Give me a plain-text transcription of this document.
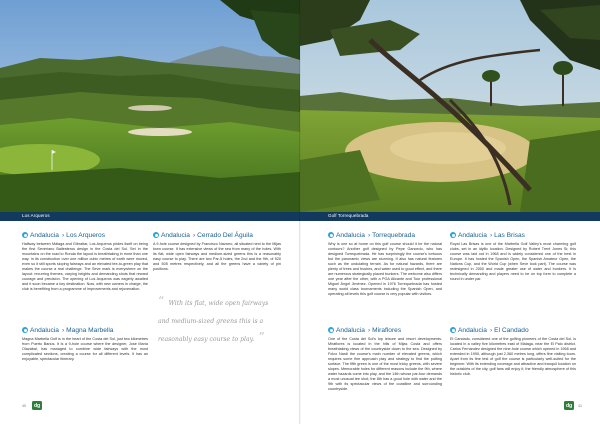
Los Arqueros
Andalucia › Los Arqueros

Halfway between Málaga and Gibraltar, Los Arqueros prides itself on being the first Severiano Ballesteros design in the Costa del Sol. Set in the mountains on the road to Ronda the layout is breathtaking in more than one way. In its construction over one million cubic metres of earth were moved, even so it still sports sloping fairways and an elevated tee-to-green play that makes the course a real challenge. The Seve mark is everywhere on the layout: recurring themes, varying heights and demanding shots that reward courage and precision. The opening of Los Arqueros was eagerly awaited and it soon became a key destination. Now, with new owners in charge, the club is benefiting from a programme of improvements and rejuvenation.

Andalucia › Magna Marbella

Magna Marbella Golf is in the heart of the Costa del Sol, just two kilometres from Puerto Banús. It is a 9-hole course where the designer, José María Olazábal, has managed to combine wide fairways with the most complicated sections, creating a course for all different levels. It has an enjoyable, spectacular itinerary.

Andalucia › Cerrado Del Águila

A 9-hole course designed by Francisco Navarro, all situated next to the Mijas town course. It has extensive views of the sea from many of the holes. With its flat, wide open fairways and medium-sized greens this is a reasonably easy course to play. There are two Par-5 holes, the 2nd and the 9th, of 520 and 505 metres respectively, and all the greens have a variety of pin positions.

“ With its flat, wide open fairways and medium-sized greens this is a reasonably easy course to play. ”
40	dg
Golf Torrequebrada
Andalucia › Torrequebrada

Why is one so at home on this golf course should it be the natural contours? Another golf designed by Pepe Gancedo, who has designed Torrequebrada. He has surprisingly the course's tortuous but the panoramic views are stunning. It also has natural features such as the undulating terrain. As for natural hazards, there are plenty of trees and bushes, and water used to good effect, and there are numerous strategically placed bunkers. The welcome also differs one year after the other, with a PGA Alicante and Tour professional Miguel Ángel Jiménez. Opened in 1976 Torrequebrada has hosted many world class tournaments including the Spanish Open, and operating all levels this golf course is very popular with visitors.

Andalucia › Miraflores

One of the Costa del Sol's top leisure and resort developments. Miraflores is located in the hills of Mijas Costa and offers breathtaking views of the countryside down to the sea. Designed by Folco Nardi the course's main number of elevated greens, which requires some fine approach play and strategy to find the putting surface. The fifth green is one of the most tricky greens, with severe slopes. Memorable holes for different reasons include the 9th, where water hazards come into play, and the 14th whose par-four demands a most unusual tee shot; the 8th has a good hole with water and the 9th with its spectacular views of the coastline and surrounding countryside.

Andalucia › Las Brisas

Royal Las Brisas is one of the Marbella Golf Valley's most charming golf clubs, set in an idyllic location. Designed by Robert Trent Jones Sr, this course was laid out in 1968 and is widely considered one of the best in Europe. It has hosted the Spanish Open, the Spanish Amateur Open, the Nations Cup, and the World Cup (when Seve took part). The course was redesigned in 2000 and made greater use of water and bunkers. It is technically demanding and players need to be on top form to complete a round in under par.

Andalucia › El Candado

El Candado, considered one of the golfing pioneers of the Costa del Sol, is located in a valley five kilometres east of Málaga, near the El Palo district. Carlos Fernández designed the nine-hole course which opened in 1968 and extended in 1990, although just 2,360 metres long, offers fine visiting tours. Apart from its fine test of golf the course is particularly well-suited for the beginner. With its extending coverage and attractive and tranquil location on the outskirts of the city, golf fans will enjoy it, the friendly atmosphere of this historic club.

dg	41
